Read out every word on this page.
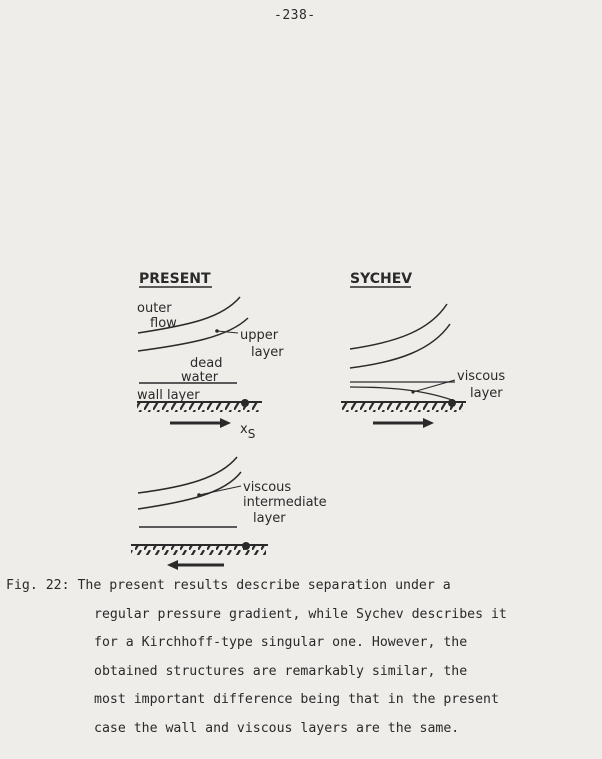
-238-
PRESENT
outer
flow
upper
layer
dead
water
wall layer
xS
SYCHEV
viscous
layer
viscous
intermediate
layer
Fig. 22: The present results describe separation under a
regular pressure gradient, while Sychev describes it
for a Kirchhoff-type singular one. However, the
obtained structures are remarkably similar, the
most important difference being that in the present
case the wall and viscous layers are the same.
